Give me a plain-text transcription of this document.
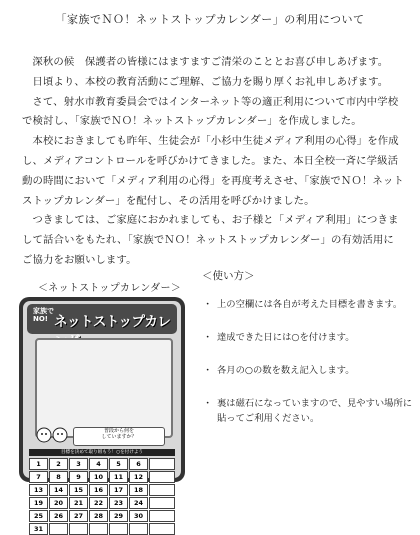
「家族でＮＯ！ネットストップカレンダー」の利用について

深秋の候　保護者の皆様にはますますご清栄のこととお喜び申しあげます。

日頃より、本校の教育活動にご理解、ご協力を賜り厚くお礼申しあげます。

さて、射水市教育委員会ではインターネット等の適正利用について市内中学校で検討し、「家族でＮＯ！ネットストップカレンダー」を作成しました。

本校におきましても昨年、生徒会が「小杉中生徒メディア利用の心得」を作成し、メディアコントロールを呼びかけてきました。また、本日全校一斉に学級活動の時間において「メディア利用の心得」を再度考えさせ、「家族でＮＯ！ネットストップカレンダー」を配付し、その活用を呼びかけました。

つきましては、ご家庭におかれましても、お子様と「メディア利用」につきまして話合いをもたれ、「家族でＮＯ！ネットストップカレンダー」の有効活用にご協力をお願いします。

＜ネットストップカレンダー＞
家族で
NO! ネットストップカレ
普段から何を
していますか？
目標を決めて取り組もう！○を付けよう
1	2	3	4	5	6
7	8	9	10	11	12
13	14	15	16	17	18
19	20	21	22	23	24
25	26	27	28	29	30
31
＜使い方＞
・ 上の空欄には各自が考えた目標を書きます。
・ 達成できた日には○を付けます。
・ 各月の○の数を数え記入します。
・ 裏は磁石になっていますので、見やすい場所に貼ってご利用ください。
